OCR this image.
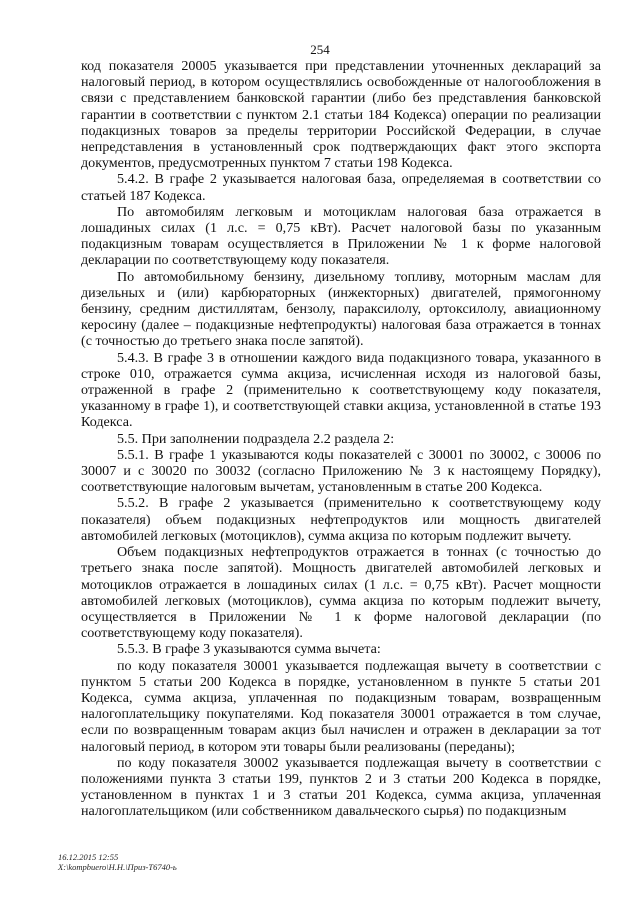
254

код показателя 20005 указывается при представлении уточненных деклараций за налоговый период, в котором осуществлялись освобожденные от налогообложения в связи с представлением банковской гарантии (либо без представления банковской гарантии в соответствии с пунктом 2.1 статьи 184 Кодекса) операции по реализации подакцизных товаров за пределы территории Российской Федерации, в случае непредставления в установленный срок подтверждающих факт этого экспорта документов, предусмотренных пунктом 7 статьи 198 Кодекса.

5.4.2. В графе 2 указывается налоговая база, определяемая в соответствии со статьей 187 Кодекса.

По автомобилям легковым и мотоциклам налоговая база отражается в лошадиных силах (1 л.с. = 0,75 кВт). Расчет налоговой базы по указанным подакцизным товарам осуществляется в Приложении № 1 к форме налоговой декларации по соответствующему коду показателя.

По автомобильному бензину, дизельному топливу, моторным маслам для дизельных и (или) карбюраторных (инжекторных) двигателей, прямогонному бензину, средним дистиллятам, бензолу, параксилолу, ортоксилолу, авиационному керосину (далее – подакцизные нефтепродукты) налоговая база отражается в тоннах (с точностью до третьего знака после запятой).

5.4.3. В графе 3 в отношении каждого вида подакцизного товара, указанного в строке 010, отражается сумма акциза, исчисленная исходя из налоговой базы, отраженной в графе 2 (применительно к соответствующему коду показателя, указанному в графе 1), и соответствующей ставки акциза, установленной в статье 193 Кодекса.

5.5. При заполнении подраздела 2.2 раздела 2:

5.5.1. В графе 1 указываются коды показателей с 30001 по 30002, с 30006 по 30007 и с 30020 по 30032 (согласно Приложению № 3 к настоящему Порядку), соответствующие налоговым вычетам, установленным в статье 200 Кодекса.

5.5.2. В графе 2 указывается (применительно к соответствующему коду показателя) объем подакцизных нефтепродуктов или мощность двигателей автомобилей легковых (мотоциклов), сумма акциза по которым подлежит вычету.

Объем подакцизных нефтепродуктов отражается в тоннах (с точностью до третьего знака после запятой). Мощность двигателей автомобилей легковых и мотоциклов отражается в лошадиных силах (1 л.с. = 0,75 кВт). Расчет мощности автомобилей легковых (мотоциклов), сумма акциза по которым подлежит вычету, осуществляется в Приложении № 1 к форме налоговой декларации (по соответствующему коду показателя).

5.5.3. В графе 3 указываются сумма вычета:

по коду показателя 30001 указывается подлежащая вычету в соответствии с пунктом 5 статьи 200 Кодекса в порядке, установленном в пункте 5 статьи 201 Кодекса, сумма акциза, уплаченная по подакцизным товарам, возвращенным налогоплательщику покупателями. Код показателя 30001 отражается в том случае, если по возвращенным товарам акциз был начислен и отражен в декларации за тот налоговый период, в котором эти товары были реализованы (переданы);

по коду показателя 30002 указывается подлежащая вычету в соответствии с положениями пункта 3 статьи 199, пунктов 2 и 3 статьи 200 Кодекса в порядке, установленном в пунктах 1 и 3 статьи 201 Кодекса, сумма акциза, уплаченная налогоплательщиком (или собственником давальческого сырья) по подакцизным

16.12.2015 12:55
X:\kompbuero\Н.Н.\Приз-Т6740-ь
